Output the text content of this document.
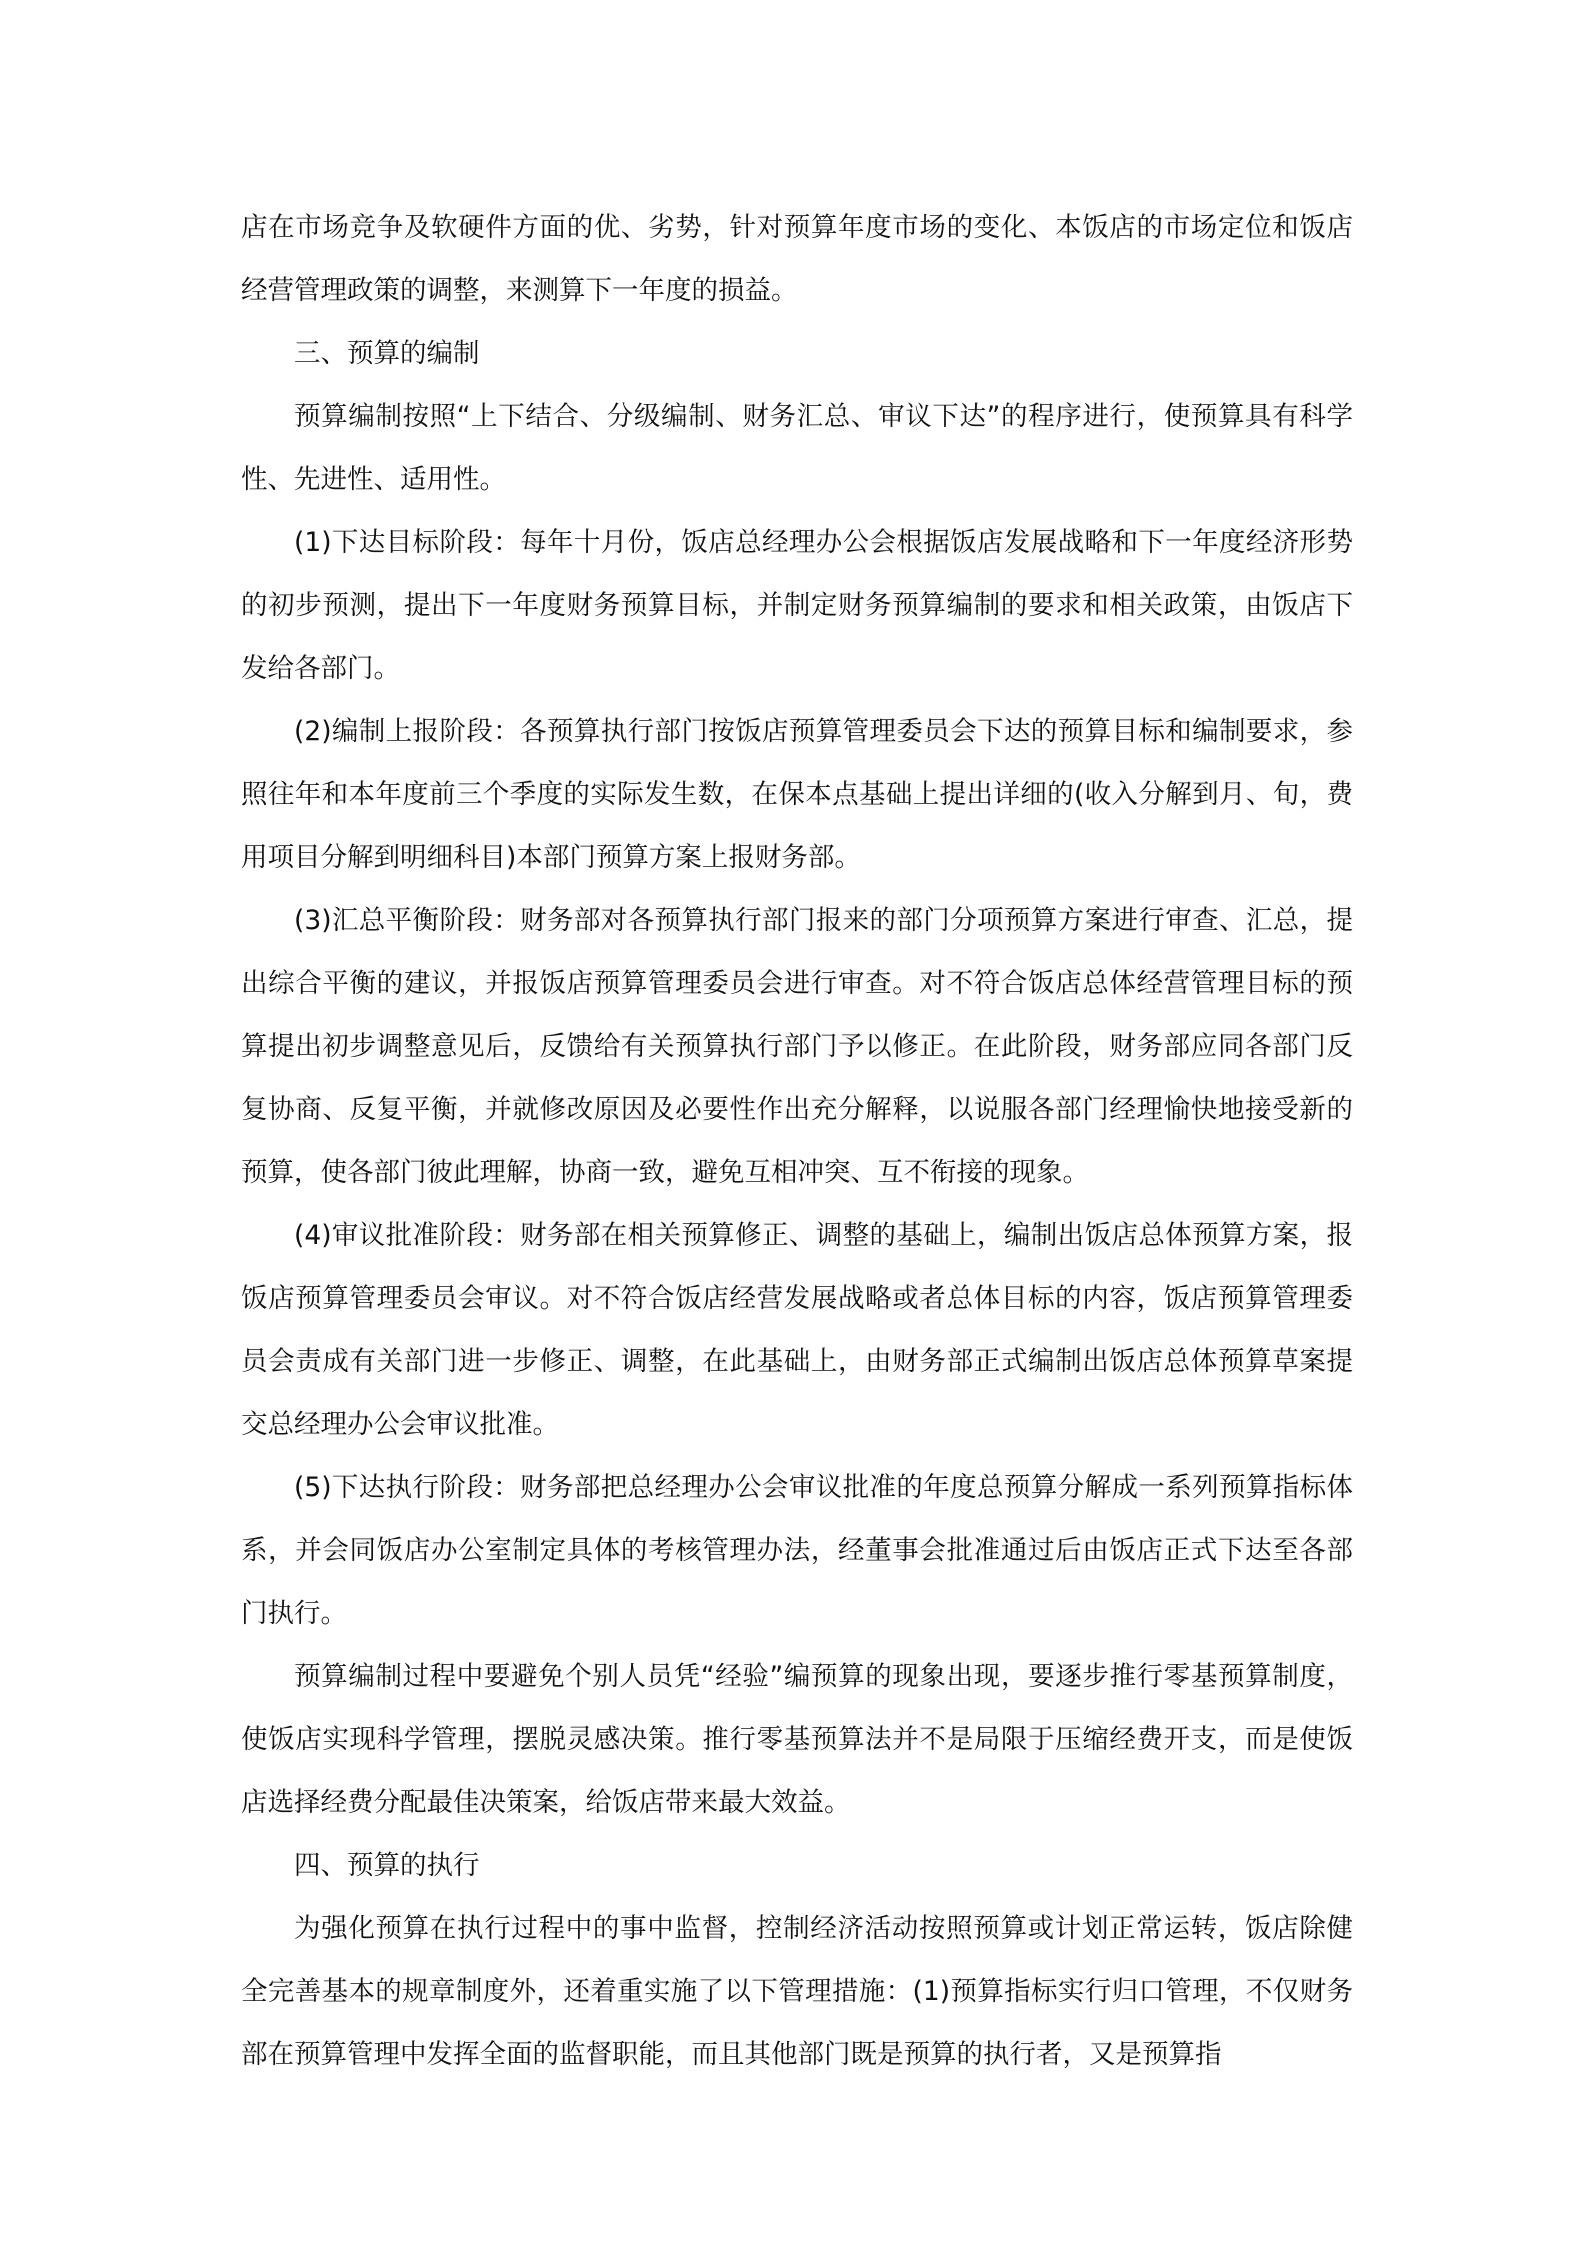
店在市场竞争及软硬件方面的优、劣势，针对预算年度市场的变化、本饭店的市场定位和饭店经营管理政策的调整，来测算下一年度的损益。

三、预算的编制

预算编制按照“上下结合、分级编制、财务汇总、审议下达”的程序进行，使预算具有科学性、先进性、适用性。

(1)下达目标阶段：每年十月份，饭店总经理办公会根据饭店发展战略和下一年度经济形势的初步预测，提出下一年度财务预算目标，并制定财务预算编制的要求和相关政策，由饭店下发给各部门。

(2)编制上报阶段：各预算执行部门按饭店预算管理委员会下达的预算目标和编制要求，参照往年和本年度前三个季度的实际发生数，在保本点基础上提出详细的(收入分解到月、旬，费用项目分解到明细科目)本部门预算方案上报财务部。

(3)汇总平衡阶段：财务部对各预算执行部门报来的部门分项预算方案进行审查、汇总，提出综合平衡的建议，并报饭店预算管理委员会进行审查。对不符合饭店总体经营管理目标的预算提出初步调整意见后，反馈给有关预算执行部门予以修正。在此阶段，财务部应同各部门反复协商、反复平衡，并就修改原因及必要性作出充分解释，以说服各部门经理愉快地接受新的预算，使各部门彼此理解，协商一致，避免互相冲突、互不衔接的现象。

(4)审议批准阶段：财务部在相关预算修正、调整的基础上，编制出饭店总体预算方案，报饭店预算管理委员会审议。对不符合饭店经营发展战略或者总体目标的内容，饭店预算管理委员会责成有关部门进一步修正、调整，在此基础上，由财务部正式编制出饭店总体预算草案提交总经理办公会审议批准。

(5)下达执行阶段：财务部把总经理办公会审议批准的年度总预算分解成一系列预算指标体系，并会同饭店办公室制定具体的考核管理办法，经董事会批准通过后由饭店正式下达至各部门执行。

预算编制过程中要避免个别人员凭“经验”编预算的现象出现，要逐步推行零基预算制度，使饭店实现科学管理，摆脱灵感决策。推行零基预算法并不是局限于压缩经费开支，而是使饭店选择经费分配最佳决策案，给饭店带来最大效益。

四、预算的执行

为强化预算在执行过程中的事中监督，控制经济活动按照预算或计划正常运转，饭店除健全完善基本的规章制度外，还着重实施了以下管理措施：(1)预算指标实行归口管理，不仅财务部在预算管理中发挥全面的监督职能，而且其他部门既是预算的执行者，又是预算指
